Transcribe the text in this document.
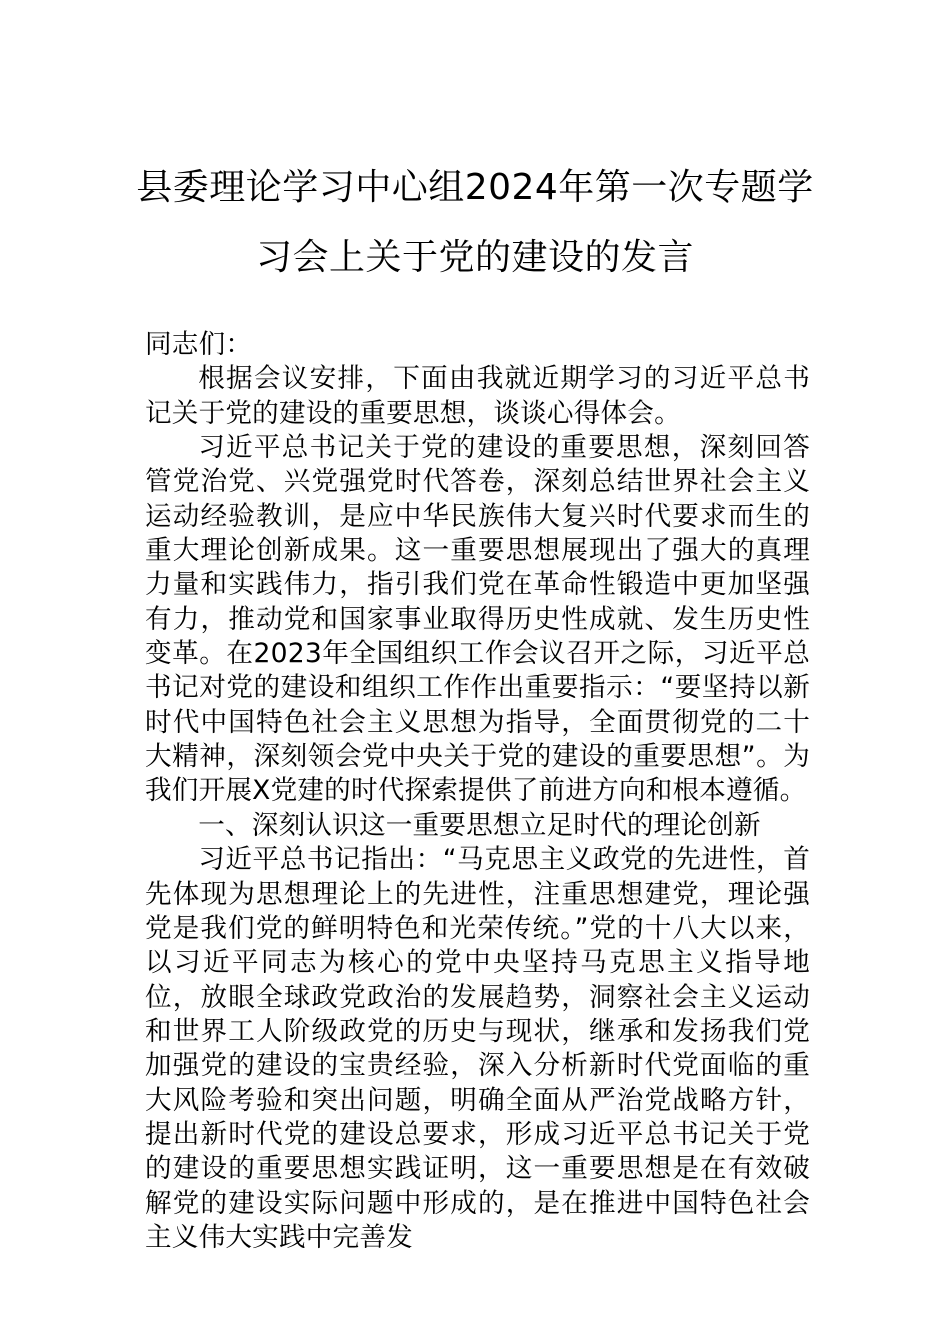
县委理论学习中心组2024年第一次专题学
习会上关于党的建设的发言

同志们：

根据会议安排，下面由我就近期学习的习近平总书记关于党的建设的重要思想，谈谈心得体会。

习近平总书记关于党的建设的重要思想，深刻回答管党治党、兴党强党时代答卷，深刻总结世界社会主义运动经验教训，是应中华民族伟大复兴时代要求而生的重大理论创新成果。这一重要思想展现出了强大的真理力量和实践伟力，指引我们党在革命性锻造中更加坚强有力，推动党和国家事业取得历史性成就、发生历史性变革。在2023年全国组织工作会议召开之际，习近平总书记对党的建设和组织工作作出重要指示：“要坚持以新时代中国特色社会主义思想为指导，全面贯彻党的二十大精神，深刻领会党中央关于党的建设的重要思想”。为我们开展X党建的时代探索提供了前进方向和根本遵循。

一、深刻认识这一重要思想立足时代的理论创新

习近平总书记指出：“马克思主义政党的先进性，首先体现为思想理论上的先进性，注重思想建党，理论强党是我们党的鲜明特色和光荣传统。”党的十八大以来，以习近平同志为核心的党中央坚持马克思主义指导地位，放眼全球政党政治的发展趋势，洞察社会主义运动和世界工人阶级政党的历史与现状，继承和发扬我们党加强党的建设的宝贵经验，深入分析新时代党面临的重大风险考验和突出问题，明确全面从严治党战略方针，提出新时代党的建设总要求，形成习近平总书记关于党的建设的重要思想实践证明，这一重要思想是在有效破解党的建设实际问题中形成的，是在推进中国特色社会主义伟大实践中完善发
